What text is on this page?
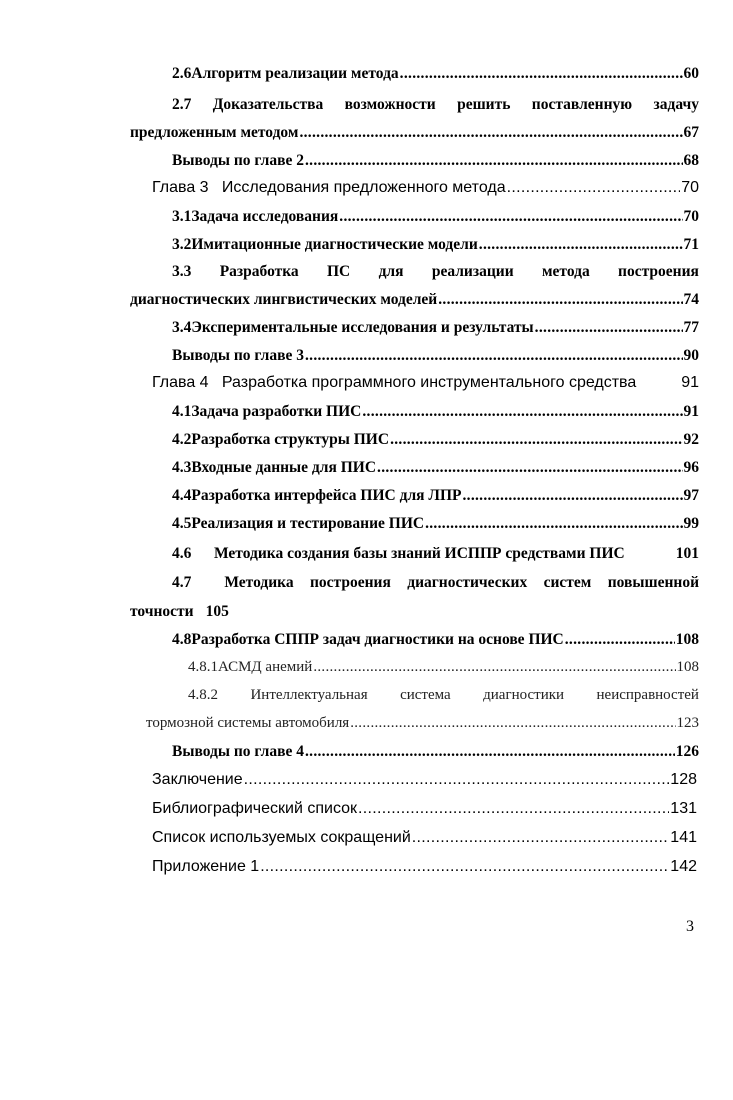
2.6 Алгоритм реализации метода .....	60
2.7 Доказательства возможности решить поставленную задачу
предложенным методом .....	67
Выводы по главе 2 .....	68
Глава 3   Исследования предложенного метода .....	70
3.1 Задача исследования .....	70
3.2 Имитационные диагностические модели .....	71
3.3 Разработка ПС для реализации метода построения
диагностических лингвистических моделей .....	74
3.4 Экспериментальные исследования и результаты .....	77
Выводы по главе 3 .....	90
Глава 4   Разработка программного инструментального средства	91
4.1 Задача разработки ПИС .....	91
4.2 Разработка структуры ПИС .....	92
4.3 Входные данные для ПИС .....	96
4.4 Разработка интерфейса ПИС для ЛПР .....	97
4.5 Реализация и тестирование ПИС .....	99
4.6	Методика создания базы знаний ИСППР средствами ПИС	101
4.7	Методика построения диагностических систем повышенной
точности 105
4.8 Разработка СППР задач диагностики на основе ПИС .....	108
4.8.1 АСМД анемий .....	108
4.8.2 Интеллектуальная система диагностики неисправностей
тормозной системы автомобиля .....	123
Выводы по главе 4 .....	126
Заключение .....	128
Библиографический список .....	131
Список используемых сокращений .....	141
Приложение 1 .....	142
3
